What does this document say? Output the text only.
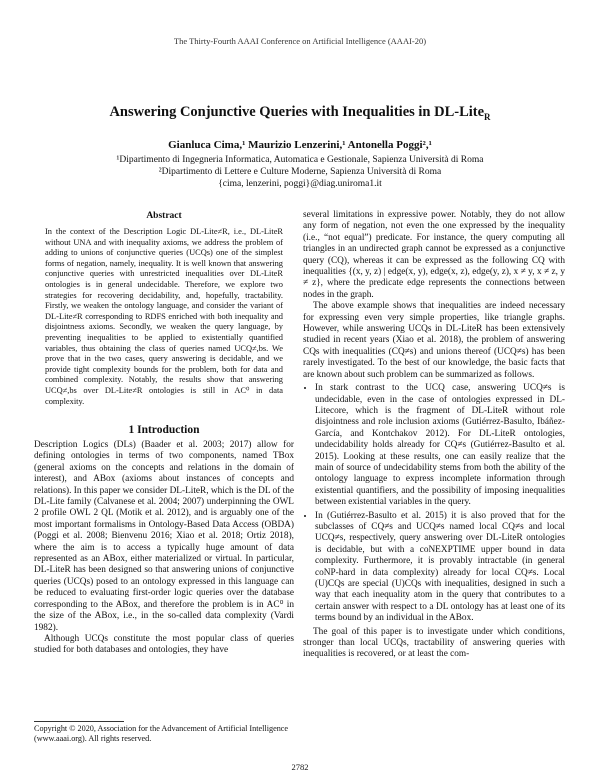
The Thirty-Fourth AAAI Conference on Artificial Intelligence (AAAI-20)
Answering Conjunctive Queries with Inequalities in DL-Lite$_R$
Gianluca Cima,¹ Maurizio Lenzerini,¹ Antonella Poggi²,¹
¹Dipartimento di Ingegneria Informatica, Automatica e Gestionale, Sapienza Università di Roma
²Dipartimento di Lettere e Culture Moderne, Sapienza Università di Roma
{cima, lenzerini, poggi}@diag.uniroma1.it
Abstract
In the context of the Description Logic DL-Lite≠R, i.e., DL-LiteR without UNA and with inequality axioms, we address the problem of adding to unions of conjunctive queries (UCQs) one of the simplest forms of negation, namely, inequality. It is well known that answering conjunctive queries with unrestricted inequalities over DL-LiteR ontologies is in general undecidable. Therefore, we explore two strategies for recovering decidability, and, hopefully, tractability. Firstly, we weaken the ontology language, and consider the variant of DL-Lite≠R corresponding to RDFS enriched with both inequality and disjointness axioms. Secondly, we weaken the query language, by preventing inequalities to be applied to existentially quantified variables, thus obtaining the class of queries named UCQ≠,bs. We prove that in the two cases, query answering is decidable, and we provide tight complexity bounds for the problem, both for data and combined complexity. Notably, the results show that answering UCQ≠,bs over DL-Lite≠R ontologies is still in AC⁰ in data complexity.
1 Introduction

Description Logics (DLs) (Baader et al. 2003; 2017) allow for defining ontologies in terms of two components, named TBox (general axioms on the concepts and relations in the domain of interest), and ABox (axioms about instances of concepts and relations). In this paper we consider DL-LiteR, which is the DL of the DL-Lite family (Calvanese et al. 2004; 2007) underpinning the OWL 2 profile OWL 2 QL (Motik et al. 2012), and is arguably one of the most important formalisms in Ontology-Based Data Access (OBDA) (Poggi et al. 2008; Bienvenu 2016; Xiao et al. 2018; Ortiz 2018), where the aim is to access a typically huge amount of data represented as an ABox, either materialized or virtual. In particular, DL-LiteR has been designed so that answering unions of conjunctive queries (UCQs) posed to an ontology expressed in this language can be reduced to evaluating first-order logic queries over the database corresponding to the ABox, and therefore the problem is in AC⁰ in the size of the ABox, i.e., in the so-called data complexity (Vardi 1982).

Although UCQs constitute the most popular class of queries studied for both databases and ontologies, they have

Copyright © 2020, Association for the Advancement of Artificial Intelligence (www.aaai.org). All rights reserved.

several limitations in expressive power. Notably, they do not allow any form of negation, not even the one expressed by the inequality (i.e., “not equal”) predicate. For instance, the query computing all triangles in an undirected graph cannot be expressed as a conjunctive query (CQ), whereas it can be expressed as the following CQ with inequalities {(x, y, z) | edge(x, y), edge(x, z), edge(y, z), x ≠ y, x ≠ z, y ≠ z}, where the predicate edge represents the connections between nodes in the graph.

The above example shows that inequalities are indeed necessary for expressing even very simple properties, like triangle graphs. However, while answering UCQs in DL-LiteR has been extensively studied in recent years (Xiao et al. 2018), the problem of answering CQs with inequalities (CQ≠s) and unions thereof (UCQ≠s) has been rarely investigated. To the best of our knowledge, the basic facts that are known about such problem can be summarized as follows.

• In stark contrast to the UCQ case, answering UCQ≠s is undecidable, even in the case of ontologies expressed in DL-Litecore, which is the fragment of DL-LiteR without role disjointness and role inclusion axioms (Gutiérrez-Basulto, Ibáñez-García, and Kontchakov 2012). For DL-LiteR ontologies, undecidability holds already for CQ≠s (Gutiérrez-Basulto et al. 2015). Looking at these results, one can easily realize that the main of source of undecidability stems from both the ability of the ontology language to express incomplete information through existential quantifiers, and the possibility of imposing inequalities between existential variables in the query.
• In (Gutiérrez-Basulto et al. 2015) it is also proved that for the subclasses of CQ≠s and UCQ≠s named local CQ≠s and local UCQ≠s, respectively, query answering over DL-LiteR ontologies is decidable, but with a coNEXPTIME upper bound in data complexity. Furthermore, it is provably intractable (in general coNP-hard in data complexity) already for local CQ≠s. Local (U)CQs are special (U)CQs with inequalities, designed in such a way that each inequality atom in the query that contributes to a certain answer with respect to a DL ontology has at least one of its terms bound by an individual in the ABox.

The goal of this paper is to investigate under which conditions, stronger than local UCQs, tractability of answering queries with inequalities is recovered, or at least the com-

2782
